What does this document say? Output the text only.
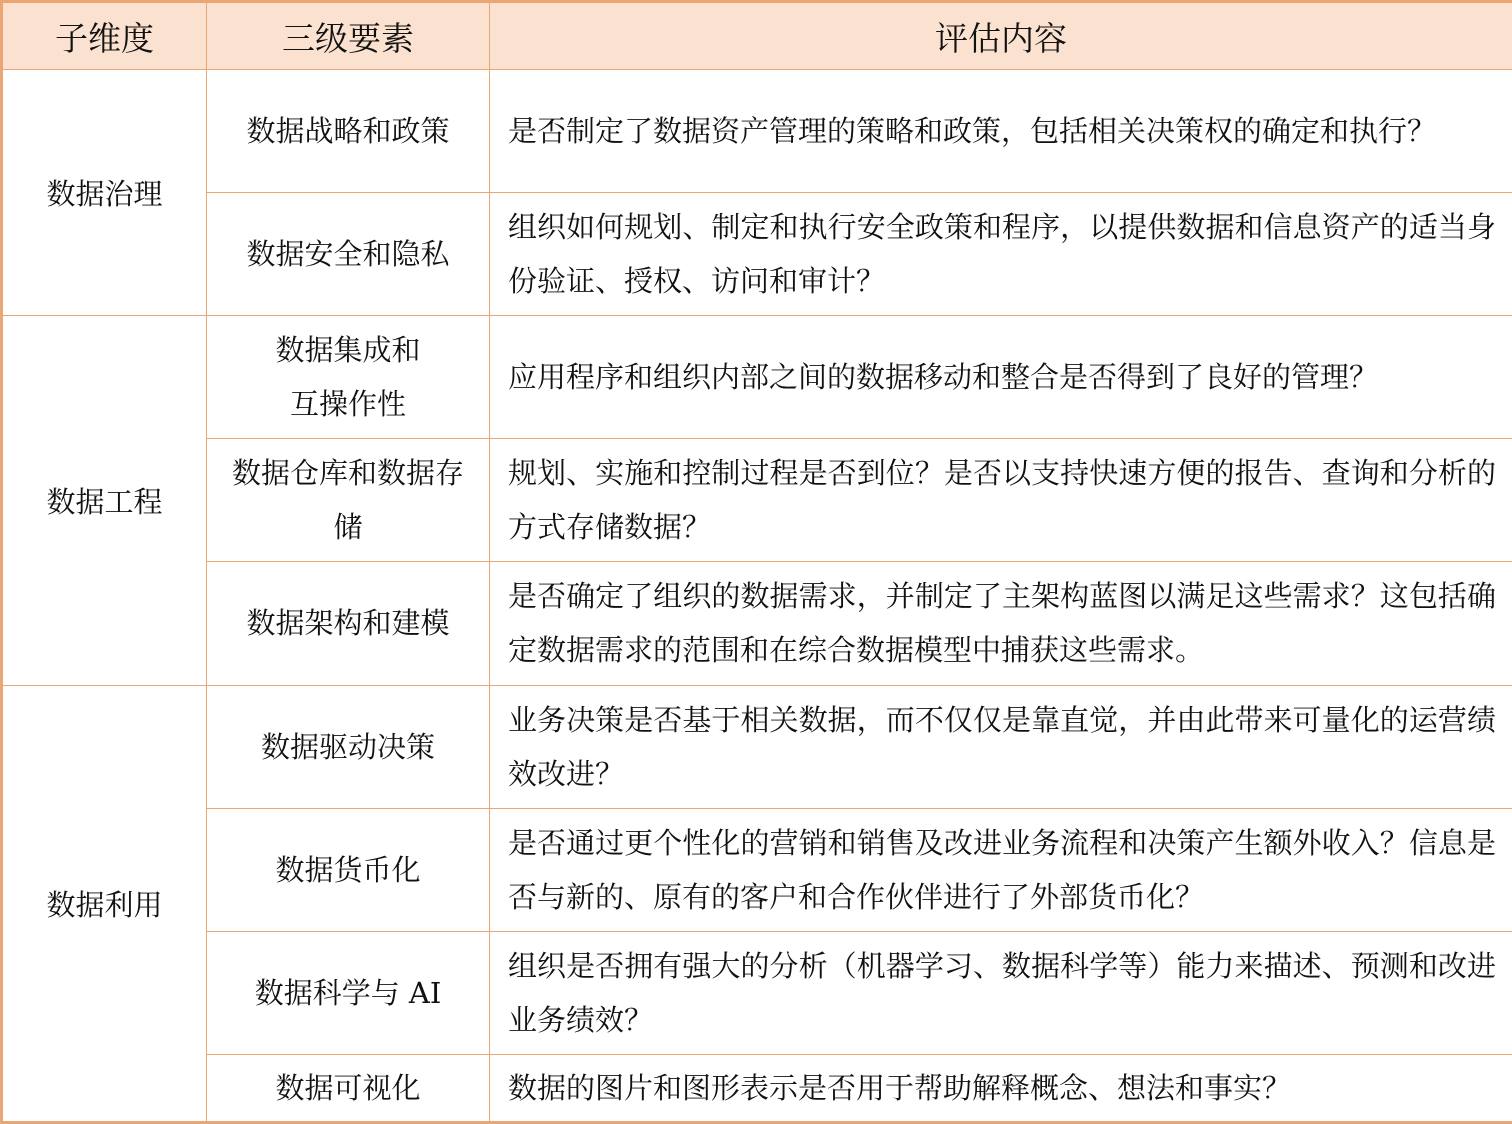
子维度	三级要素	评估内容
数据治理	数据战略和政策	是否制定了数据资产管理的策略和政策，包括相关决策权的确定和执行？
	数据安全和隐私	组织如何规划、制定和执行安全政策和程序，以提供数据和信息资产的适当身份验证、授权、访问和审计？
数据工程	数据集成和互操作性	应用程序和组织内部之间的数据移动和整合是否得到了良好的管理？
	数据仓库和数据存储	规划、实施和控制过程是否到位？是否以支持快速方便的报告、查询和分析的方式存储数据？
	数据架构和建模	是否确定了组织的数据需求，并制定了主架构蓝图以满足这些需求？这包括确定数据需求的范围和在综合数据模型中捕获这些需求。
数据利用	数据驱动决策	业务决策是否基于相关数据，而不仅仅是靠直觉，并由此带来可量化的运营绩效改进？
	数据货币化	是否通过更个性化的营销和销售及改进业务流程和决策产生额外收入？信息是否与新的、原有的客户和合作伙伴进行了外部货币化？
	数据科学与 AI	组织是否拥有强大的分析（机器学习、数据科学等）能力来描述、预测和改进业务绩效？
	数据可视化	数据的图片和图形表示是否用于帮助解释概念、想法和事实？
